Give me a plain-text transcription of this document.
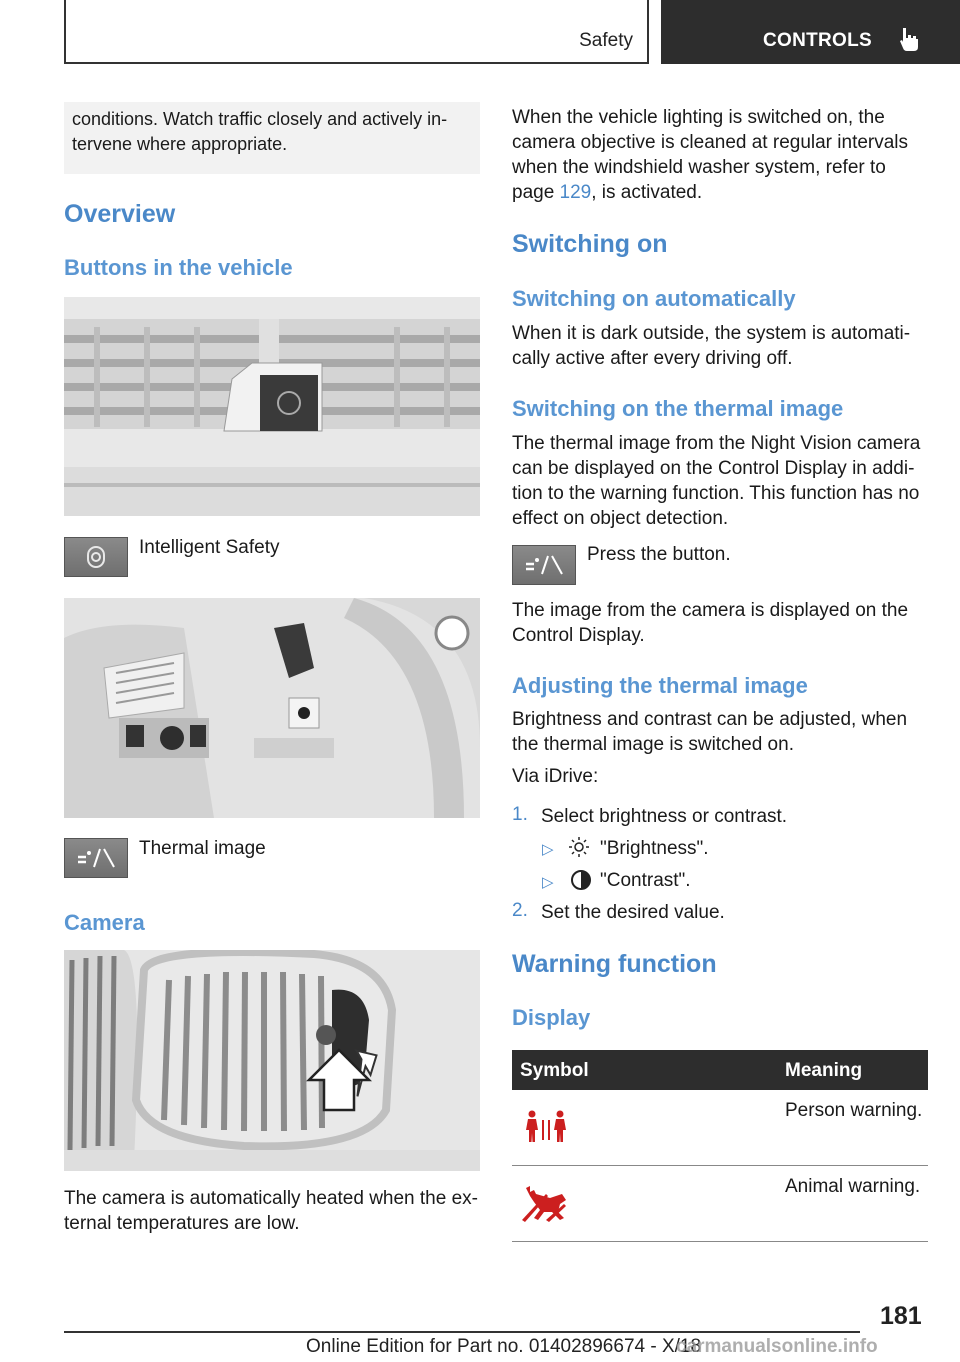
Safety	CONTROLS
conditions. Watch traffic closely and actively intervene where appropriate.
Overview
Buttons in the vehicle
Intelligent Safety
Thermal image
Camera
The camera is automatically heated when the external temperatures are low.
When the vehicle lighting is switched on, the camera objective is cleaned at regular intervals when the windshield washer system, refer to page 129, is activated.
Switching on
Switching on automatically
When it is dark outside, the system is automatically active after every driving off.
Switching on the thermal image
The thermal image from the Night Vision camera can be displayed on the Control Display in addition to the warning function. This function has no effect on object detection.
Press the button.
The image from the camera is displayed on the Control Display.
Adjusting the thermal image
Brightness and contrast can be adjusted, when the thermal image is switched on.
Via iDrive:
1. Select brightness or contrast.
▷ "Brightness".
▷ "Contrast".
2. Set the desired value.
Warning function
Display
Symbol	Meaning
Person warning.
Animal warning.
181
Online Edition for Part no. 01402896674 - X/18
carmanualsonline.info
